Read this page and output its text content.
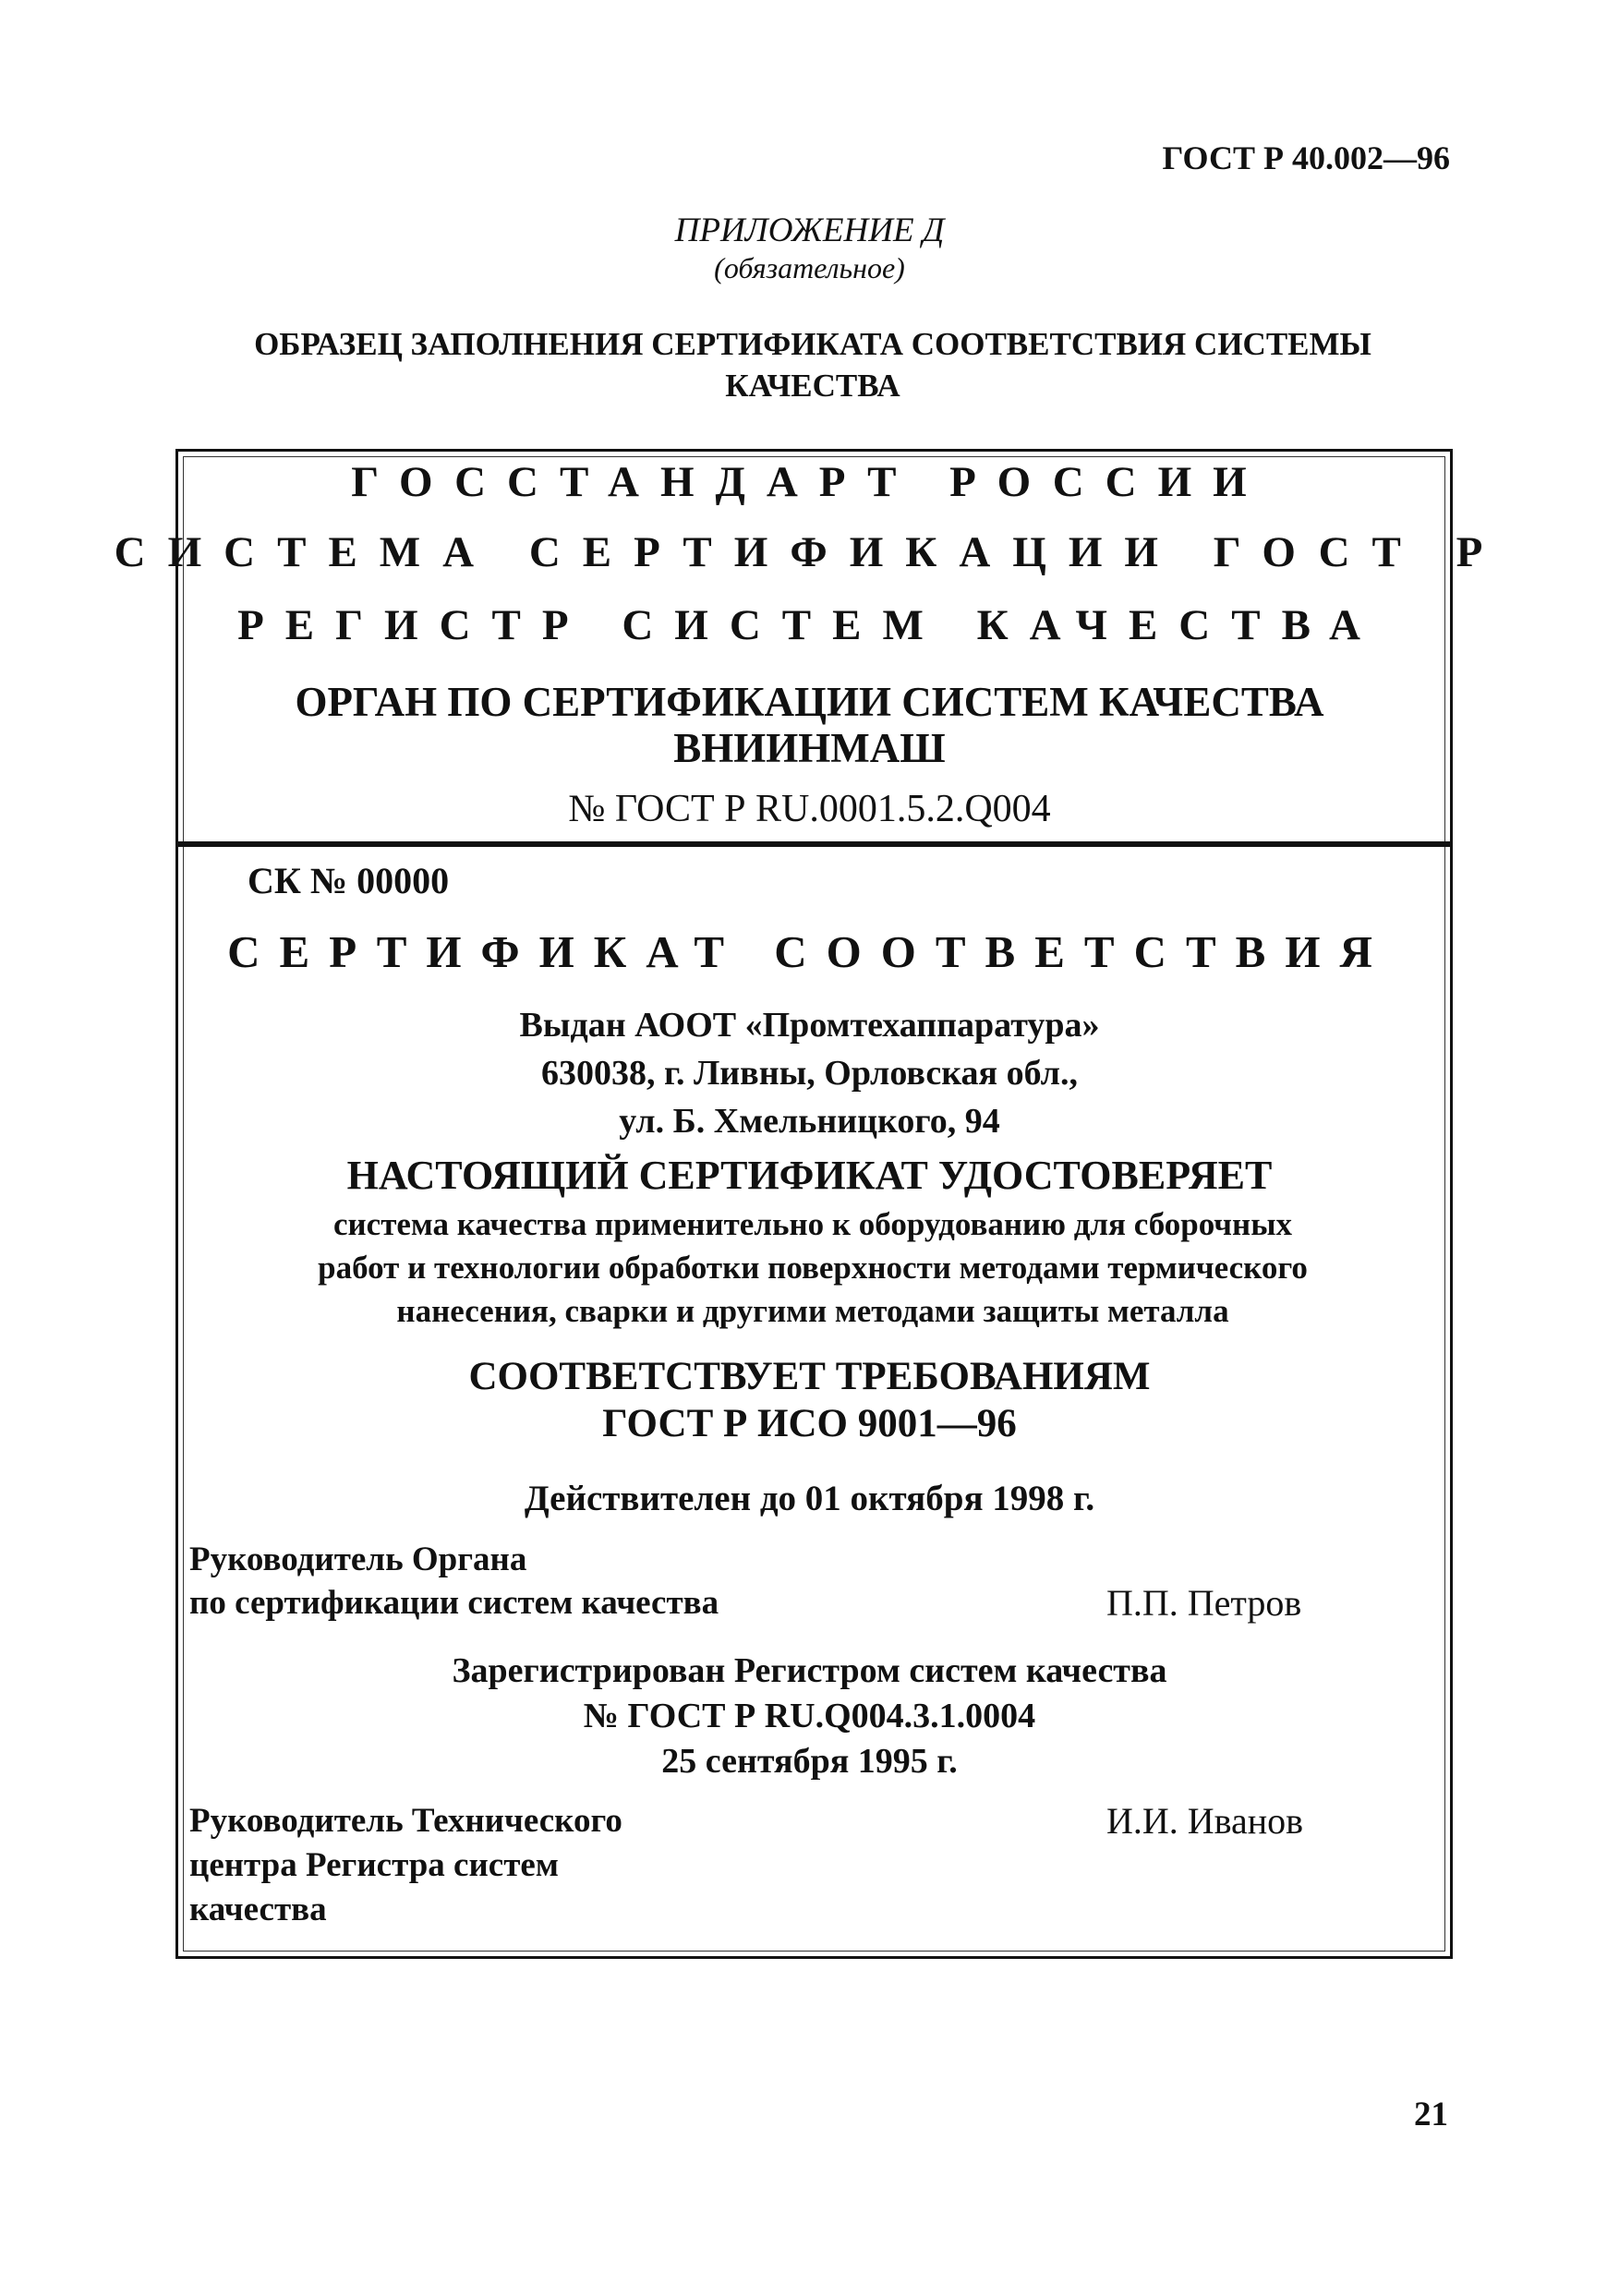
ГОСТ Р 40.002—96
ПРИЛОЖЕНИЕ Д
(обязательное)
ОБРАЗЕЦ ЗАПОЛНЕНИЯ СЕРТИФИКАТА СООТВЕТСТВИЯ СИСТЕМЫ КАЧЕСТВА
ГОССТАНДАРТ РОССИИ
СИСТЕМА СЕРТИФИКАЦИИ ГОСТ Р
РЕГИСТР СИСТЕМ КАЧЕСТВА
ОРГАН ПО СЕРТИФИКАЦИИ СИСТЕМ КАЧЕСТВА
ВНИИНМАШ
№ ГОСТ Р RU.0001.5.2.Q004
СК № 00000
СЕРТИФИКАТ СООТВЕТСТВИЯ
Выдан АООТ «Промтехаппаратура»
630038, г. Ливны, Орловская обл.,
ул. Б. Хмельницкого, 94
НАСТОЯЩИЙ СЕРТИФИКАТ УДОСТОВЕРЯЕТ
система качества применительно к оборудованию для сборочных
работ и технологии обработки поверхности методами термического
нанесения, сварки и другими методами защиты металла
СООТВЕТСТВУЕТ ТРЕБОВАНИЯМ
ГОСТ Р ИСО 9001—96
Действителен до 01 октября 1998 г.
Руководитель Органа
по сертификации систем качества	П.П. Петров
Зарегистрирован Регистром систем качества
№ ГОСТ Р RU.Q004.3.1.0004
25 сентября 1995 г.
Руководитель Технического
центра Регистра систем
качества
И.И. Иванов
21
